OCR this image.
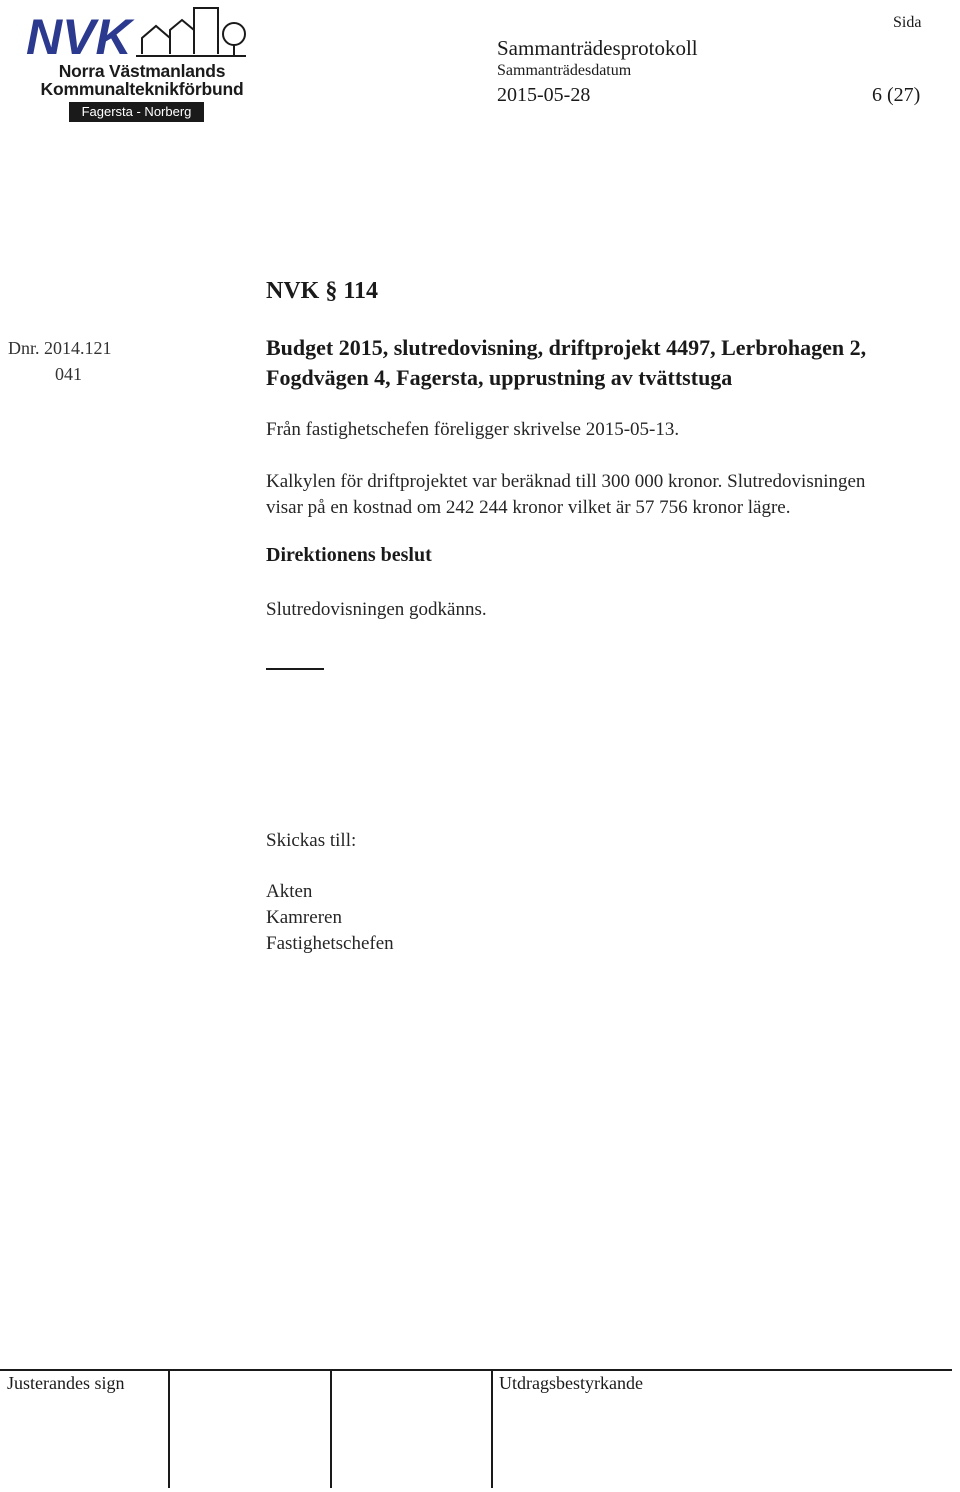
NVK
Norra Västmanlands
Kommunalteknikförbund
Fagersta - Norberg
Sammanträdesprotokoll
Sammanträdesdatum
2015-05-28
Sida
6 (27)
NVK § 114
Dnr. 2014.121
041
Budget 2015, slutredovisning, driftprojekt 4497, Lerbrohagen 2, Fogdvägen 4, Fagersta, upprustning av tvättstuga
Från fastighetschefen föreligger skrivelse 2015-05-13.
Kalkylen för driftprojektet var beräknad till 300 000 kronor. Slutredovisningen
visar på en kostnad om 242 244 kronor vilket är 57 756 kronor lägre.
Direktionens beslut
Slutredovisningen godkänns.
Skickas till:
Akten
Kamreren
Fastighetschefen
Justerandes sign	Utdragsbestyrkande
